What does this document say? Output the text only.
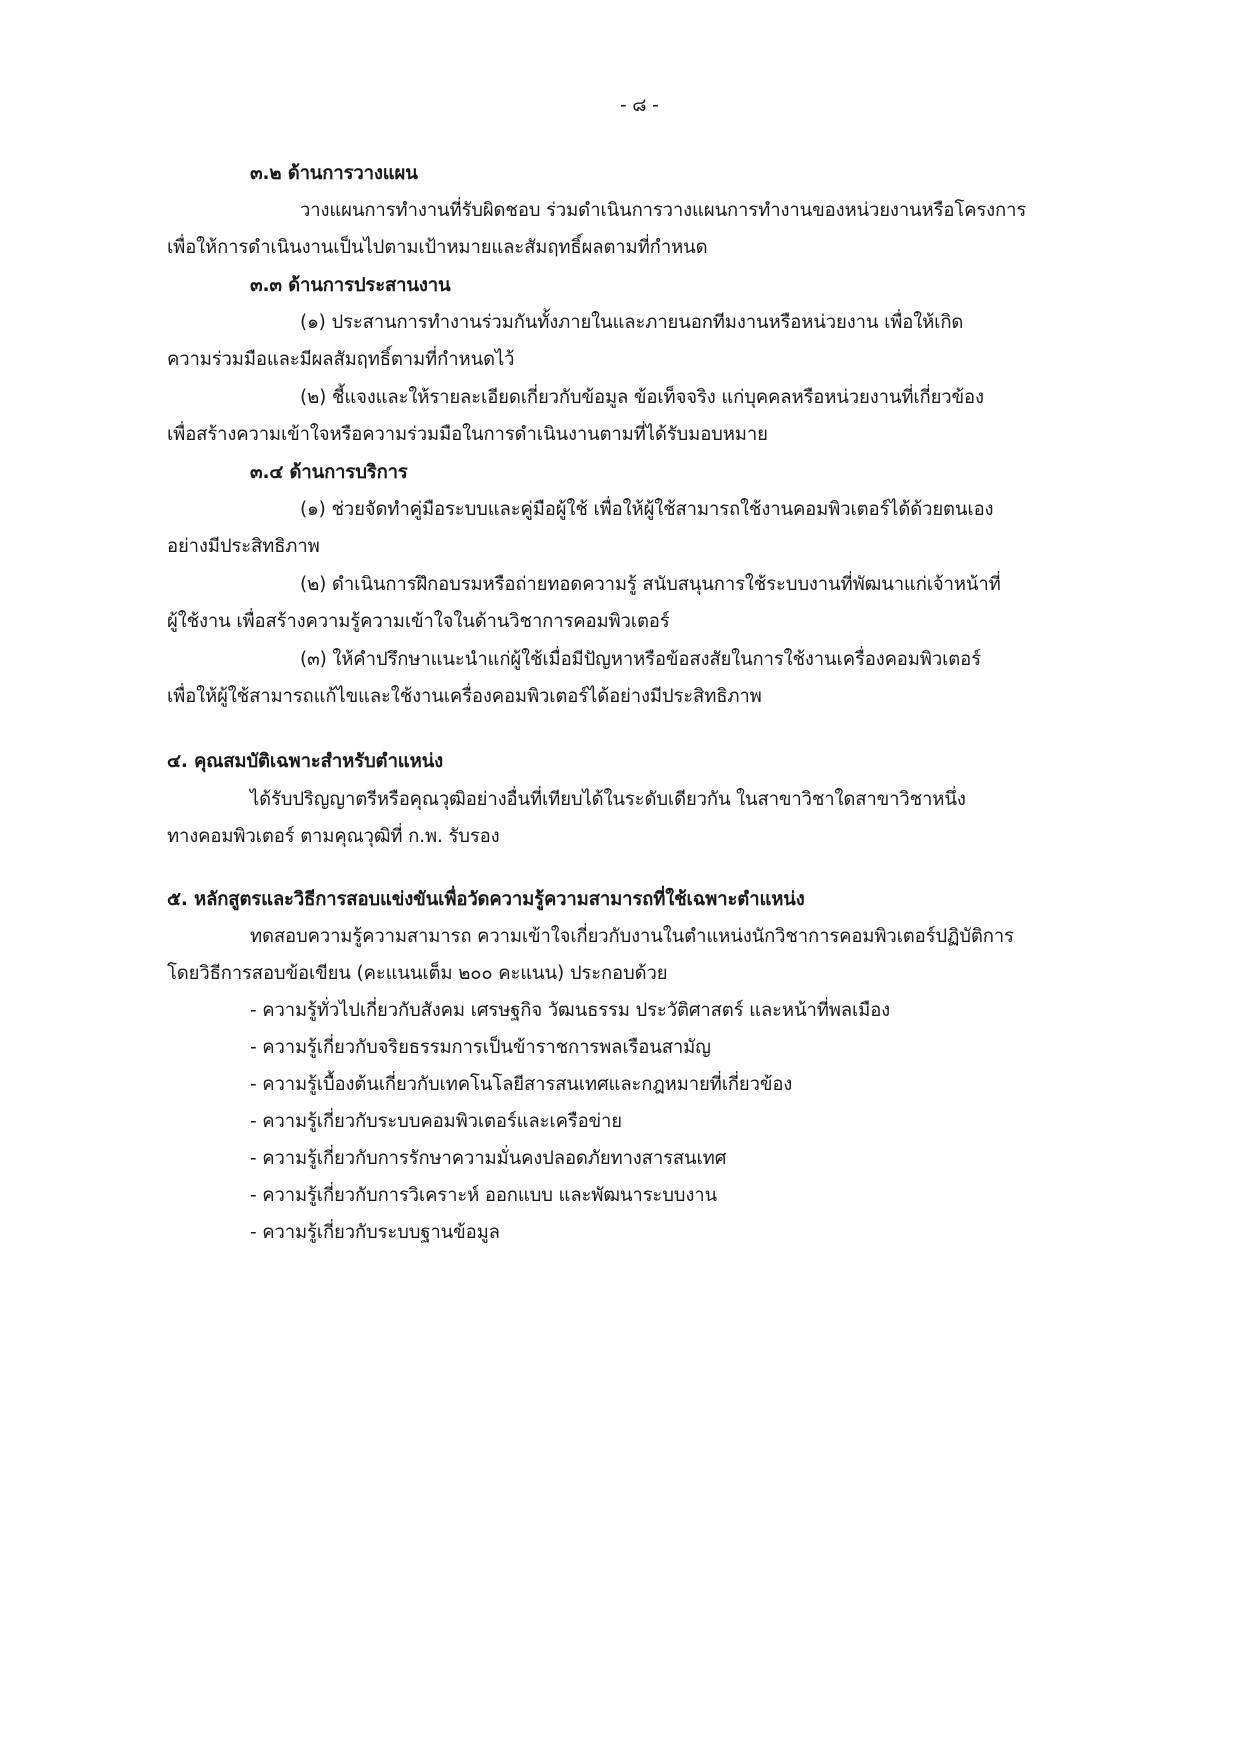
- ๘ -

๓.๒ ด้านการวางแผน

วางแผนการทำงานที่รับผิดชอบ ร่วมดำเนินการวางแผนการทำงานของหน่วยงานหรือโครงการ

เพื่อให้การดำเนินงานเป็นไปตามเป้าหมายและสัมฤทธิ์ผลตามที่กำหนด

๓.๓ ด้านการประสานงาน

(๑) ประสานการทำงานร่วมกันทั้งภายในและภายนอกทีมงานหรือหน่วยงาน เพื่อให้เกิด

ความร่วมมือและมีผลสัมฤทธิ์ตามที่กำหนดไว้

(๒) ชี้แจงและให้รายละเอียดเกี่ยวกับข้อมูล ข้อเท็จจริง แก่บุคคลหรือหน่วยงานที่เกี่ยวข้อง

เพื่อสร้างความเข้าใจหรือความร่วมมือในการดำเนินงานตามที่ได้รับมอบหมาย

๓.๔ ด้านการบริการ

(๑) ช่วยจัดทำคู่มือระบบและคู่มือผู้ใช้ เพื่อให้ผู้ใช้สามารถใช้งานคอมพิวเตอร์ได้ด้วยตนเอง

อย่างมีประสิทธิภาพ

(๒) ดำเนินการฝึกอบรมหรือถ่ายทอดความรู้ สนับสนุนการใช้ระบบงานที่พัฒนาแก่เจ้าหน้าที่

ผู้ใช้งาน เพื่อสร้างความรู้ความเข้าใจในด้านวิชาการคอมพิวเตอร์

(๓) ให้คำปรึกษาแนะนำแก่ผู้ใช้เมื่อมีปัญหาหรือข้อสงสัยในการใช้งานเครื่องคอมพิวเตอร์

เพื่อให้ผู้ใช้สามารถแก้ไขและใช้งานเครื่องคอมพิวเตอร์ได้อย่างมีประสิทธิภาพ

๔. คุณสมบัติเฉพาะสำหรับตำแหน่ง

ได้รับปริญญาตรีหรือคุณวุฒิอย่างอื่นที่เทียบได้ในระดับเดียวกัน ในสาขาวิชาใดสาขาวิชาหนึ่ง

ทางคอมพิวเตอร์ ตามคุณวุฒิที่ ก.พ. รับรอง

๕. หลักสูตรและวิธีการสอบแข่งขันเพื่อวัดความรู้ความสามารถที่ใช้เฉพาะตำแหน่ง

ทดสอบความรู้ความสามารถ ความเข้าใจเกี่ยวกับงานในตำแหน่งนักวิชาการคอมพิวเตอร์ปฏิบัติการ

โดยวิธีการสอบข้อเขียน (คะแนนเต็ม ๒๐๐ คะแนน) ประกอบด้วย

- ความรู้ทั่วไปเกี่ยวกับสังคม เศรษฐกิจ วัฒนธรรม ประวัติศาสตร์ และหน้าที่พลเมือง

- ความรู้เกี่ยวกับจริยธรรมการเป็นข้าราชการพลเรือนสามัญ

- ความรู้เบื้องต้นเกี่ยวกับเทคโนโลยีสารสนเทศและกฎหมายที่เกี่ยวข้อง

- ความรู้เกี่ยวกับระบบคอมพิวเตอร์และเครือข่าย

- ความรู้เกี่ยวกับการรักษาความมั่นคงปลอดภัยทางสารสนเทศ

- ความรู้เกี่ยวกับการวิเคราะห์ ออกแบบ และพัฒนาระบบงาน

- ความรู้เกี่ยวกับระบบฐานข้อมูล
